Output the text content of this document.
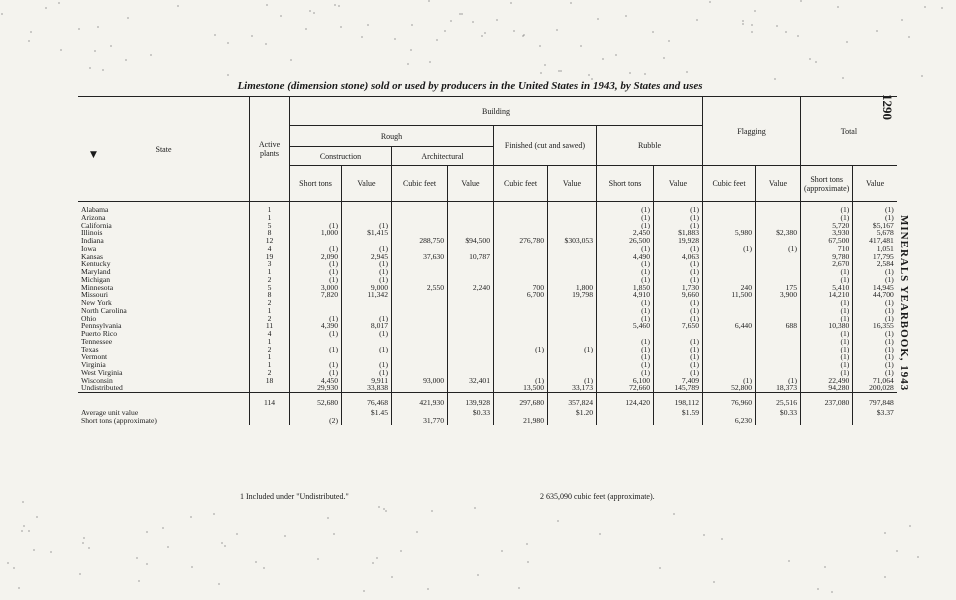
Limestone (dimension stone) sold or used by producers in the United States in 1943, by States and uses
1290
MINERALS YEARBOOK, 1943
▼
State	Active plants	Building								Flagging		Total	
		Rough				Finished (cut and sawed)		Rubble					
		Construction		Architectural									
		Short tons	Value	Cubic feet	Value	Cubic feet	Value	Short tons	Value	Cubic feet	Value	Short tons (approximate)	Value
Alabama	1							(1)	(1)			(1)	(1)
Arizona	1							(1)	(1)			(1)	(1)
California	5	(1)	(1)					(1)	(1)			5,720	$5,167
Illinois	8	1,000	$1,415					2,450	$1,883	5,980	$2,380	3,930	5,678
Indiana	12			288,750	$94,500	276,780	$303,053	26,500	19,928			67,500	417,481
Iowa	4	(1)	(1)					(1)	(1)	(1)	(1)	710	1,051
Kansas	19	2,090	2,945	37,630	10,787			4,490	4,063			9,780	17,795
Kentucky	3	(1)	(1)					(1)	(1)			2,670	2,584
Maryland	1	(1)	(1)					(1)	(1)			(1)	(1)
Michigan	2	(1)	(1)					(1)	(1)			(1)	(1)
Minnesota	5	3,000	9,000	2,550	2,240	700	1,800	1,850	1,730	240	175	5,410	14,945
Missouri	8	7,820	11,342			6,700	19,798	4,910	9,660	11,500	3,900	14,210	44,700
New York	2							(1)	(1)			(1)	(1)
North Carolina	1							(1)	(1)			(1)	(1)
Ohio	2	(1)	(1)					(1)	(1)			(1)	(1)
Pennsylvania	11	4,390	8,017					5,460	7,650	6,440	688	10,380	16,355
Puerto Rico	4	(1)	(1)									(1)	(1)
Tennessee	1							(1)	(1)			(1)	(1)
Texas	2	(1)	(1)			(1)	(1)	(1)	(1)			(1)	(1)
Vermont	1							(1)	(1)			(1)	(1)
Virginia	1	(1)	(1)					(1)	(1)			(1)	(1)
West Virginia	2	(1)	(1)					(1)	(1)			(1)	(1)
Wisconsin	18	4,450	9,911	93,000	32,401	(1)	(1)	6,100	7,409	(1)	(1)	22,490	71,064
Undistributed		29,930	33,838			13,500	33,173	72,660	145,789	52,800	18,373	94,280	200,028
	114	52,680	76,468	421,930	139,928	297,680	357,824	124,420	198,112	76,960	25,516	237,080	797,848
Average unit value			$1.45		$0.33		$1.20		$1.59		$0.33		$3.37
Short tons (approximate)		(2)		31,770		21,980				6,230			
1 Included under "Undistributed."	2 635,090 cubic feet (approximate).
